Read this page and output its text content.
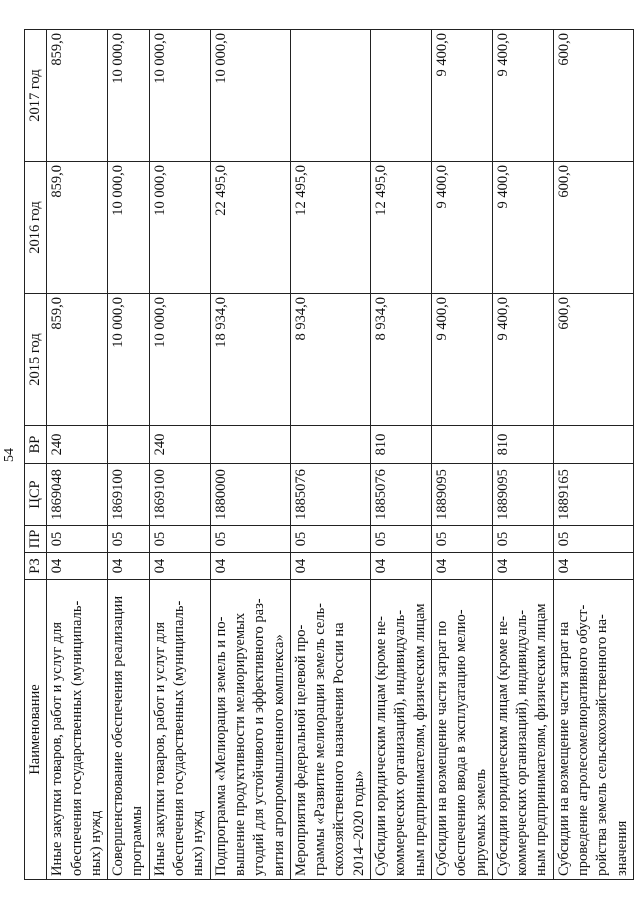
54
Наименование	РЗ	ПР	ЦСР	ВР	2015 год	2016 год	2017 год

Иные закупки товаров, работ и услуг для обеспечения государственных (муниципаль- ных) нужд	04	05	1869048	240	859,0	859,0	859,0

Совершенствование обеспечения реализации программы	04	05	1869100		10 000,0	10 000,0	10 000,0

Иные закупки товаров, работ и услуг для обеспечения государственных (муниципаль- ных) нужд	04	05	1869100	240	10 000,0	10 000,0	10 000,0

Подпрограмма «Мелиорация земель и по- вышение продуктивности мелиорируемых угодий для устойчивого и эффективного раз- вития агропромышленного комплекса»	04	05	1880000		18 934,0	22 495,0	10 000,0

Мероприятия федеральной целевой про- граммы «Развитие мелиорации земель сель- скохозяйственного назначения России на 2014–2020 годы»	04	05	1885076		8 934,0	12 495,0	

Субсидии юридическим лицам (кроме не- коммерческих организаций), индивидуаль- ным предпринимателям, физическим лицам	04	05	1885076	810	8 934,0	12 495,0	

Субсидии на возмещение части затрат по обеспечению ввода в эксплуатацию мелио- рируемых земель	04	05	1889095		9 400,0	9 400,0	9 400,0

Субсидии юридическим лицам (кроме не- коммерческих организаций), индивидуаль- ным предпринимателям, физическим лицам	04	05	1889095	810	9 400,0	9 400,0	9 400,0

Субсидии на возмещение части затрат на проведение агролесомелиоративного обуст- ройства земель сельскохозяйственного на- значения	04	05	1889165		600,0	600,0	600,0
